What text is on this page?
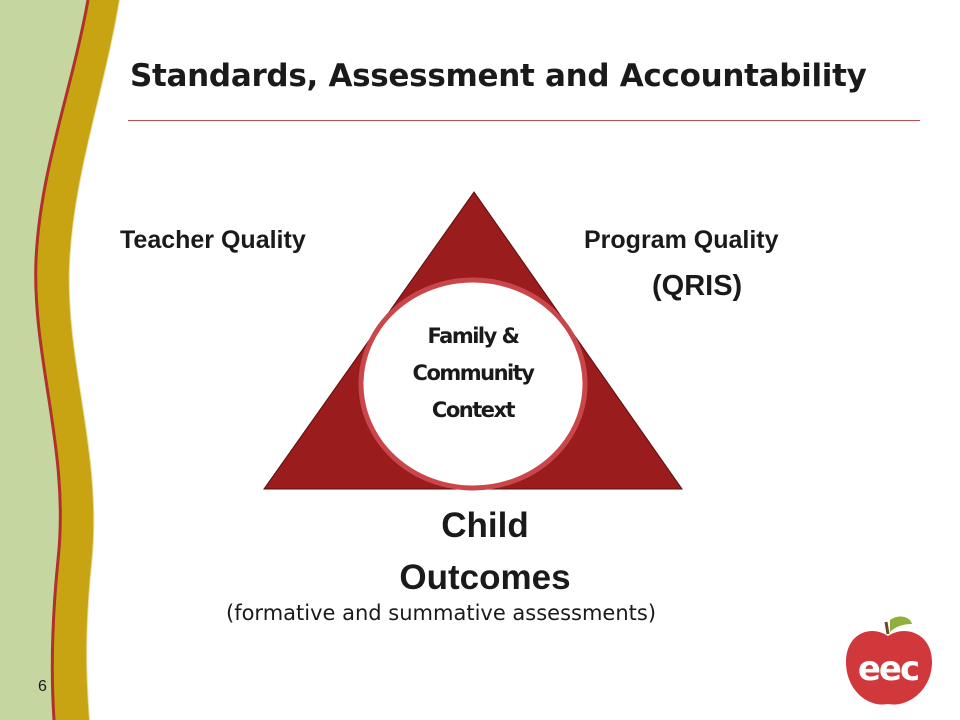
Standards, Assessment and Accountability
Teacher Quality	Program Quality
(QRIS)
Family &
Community
Context
Child
Outcomes
(formative and summative assessments)
6	eec
